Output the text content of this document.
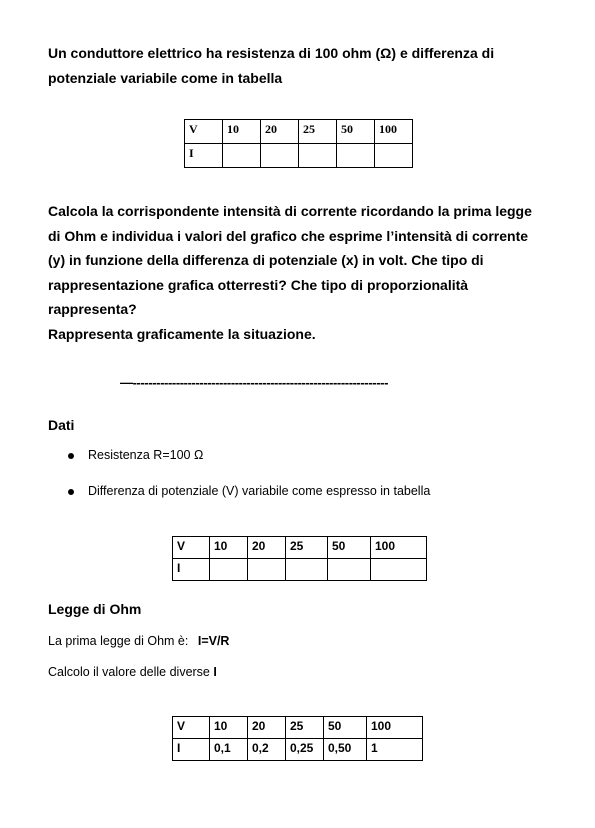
Un conduttore elettrico ha resistenza di 100 ohm (Ω) e differenza di

potenziale variabile come in tabella

V	10	20	25	50	100
I					

Calcola la corrispondente intensità di corrente ricordando la prima legge

di Ohm e individua i valori del grafico che esprime l’intensità di corrente

(y) in funzione della differenza di potenziale (x) in volt. Che tipo di

rappresentazione grafica otterresti? Che tipo di proporzionalità

rappresenta?

Rappresenta graficamente la situazione.

—-----------------------------------------------------------------
Dati
Resistenza R=100 Ω
Differenza di potenziale (V) variabile come espresso in tabella
V	10	20	25	50	100
I					
Legge di Ohm
La prima legge di Ohm è: I=V/R
Calcolo il valore delle diverse I
V	10	20	25	50	100
I	0,1	0,2	0,25	0,50	1
